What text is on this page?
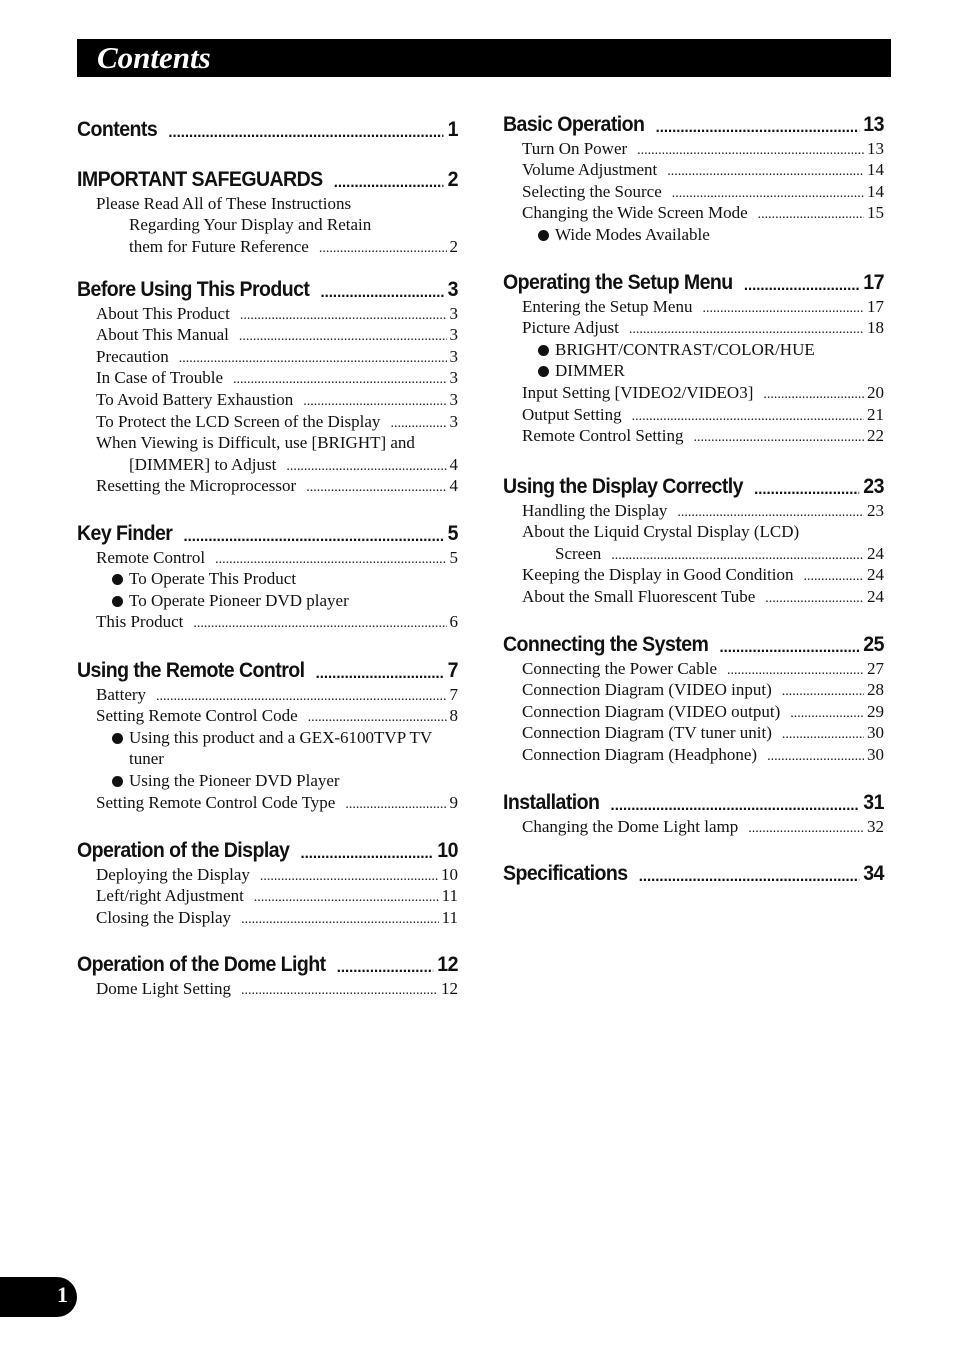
Contents
Contents .....	1
IMPORTANT SAFEGUARDS .....	2
Please Read All of These Instructions
Regarding Your Display and Retain
them for Future Reference .....	2
Before Using This Product .....	3
About This Product .....	3
About This Manual .....	3
Precaution .....	3
In Case of Trouble .....	3
To Avoid Battery Exhaustion .....	3
To Protect the LCD Screen of the Display .....	3
When Viewing is Difficult, use [BRIGHT] and
[DIMMER] to Adjust .....	4
Resetting the Microprocessor .....	4
Key Finder .....	5
Remote Control .....	5
To Operate This Product
To Operate Pioneer DVD player
This Product .....	6
Using the Remote Control .....	7
Battery .....	7
Setting Remote Control Code .....	8
Using this product and a GEX-6100TVP TV
tuner
Using the Pioneer DVD Player
Setting Remote Control Code Type .....	9
Operation of the Display .....	10
Deploying the Display .....	10
Left/right Adjustment .....	11
Closing the Display .....	11
Operation of the Dome Light .....	12
Dome Light Setting .....	12
Basic Operation .....	13
Turn On Power .....	13
Volume Adjustment .....	14
Selecting the Source .....	14
Changing the Wide Screen Mode .....	15
Wide Modes Available
Operating the Setup Menu .....	17
Entering the Setup Menu .....	17
Picture Adjust .....	18
BRIGHT/CONTRAST/COLOR/HUE
DIMMER
Input Setting [VIDEO2/VIDEO3] .....	20
Output Setting .....	21
Remote Control Setting .....	22
Using the Display Correctly .....	23
Handling the Display .....	23
About the Liquid Crystal Display (LCD)
Screen .....	24
Keeping the Display in Good Condition .....	24
About the Small Fluorescent Tube .....	24
Connecting the System .....	25
Connecting the Power Cable .....	27
Connection Diagram (VIDEO input) .....	28
Connection Diagram (VIDEO output) .....	29
Connection Diagram (TV tuner unit) .....	30
Connection Diagram (Headphone) .....	30
Installation .....	31
Changing the Dome Light lamp .....	32
Specifications .....	34
1
